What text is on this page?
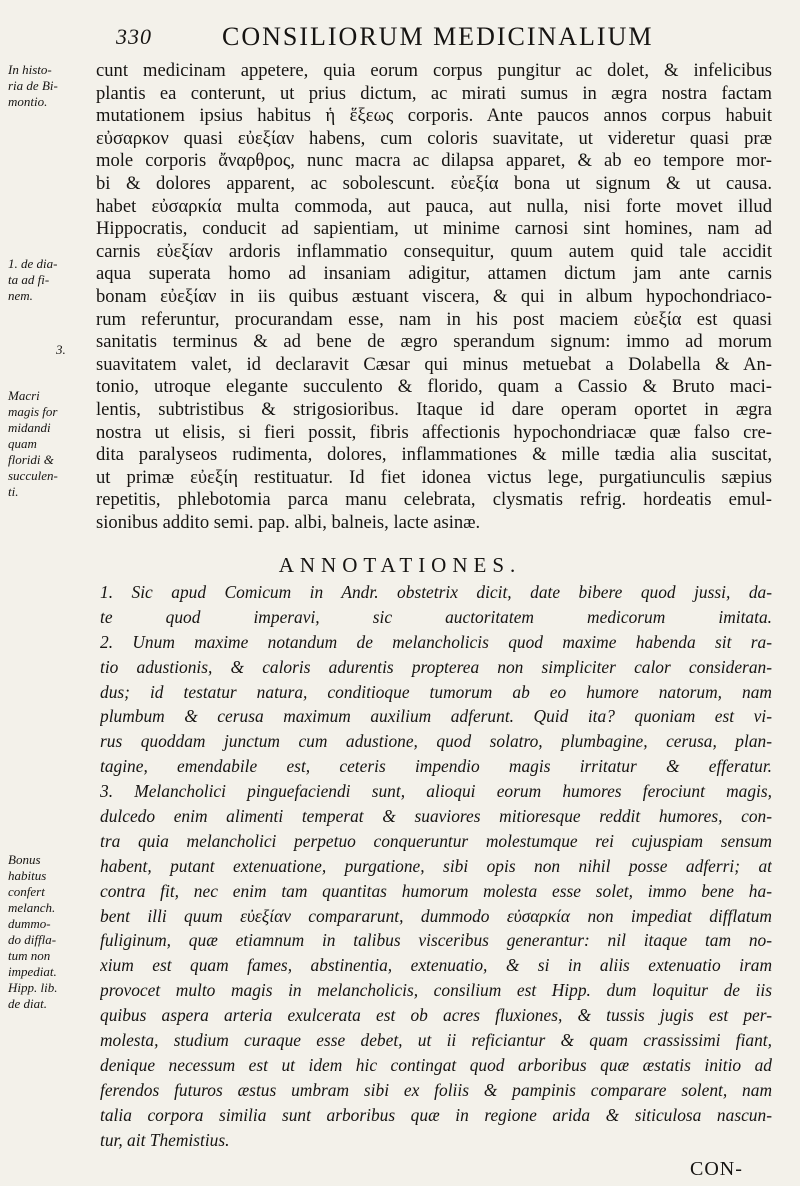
330	CONSILIORUM MEDICINALIUM
In histo-
ria de Bi-
montio.
1. de dia-
ta ad fi-
nem.
3.
Macri
magis for
midandi
quam
floridi &
succulen-
ti.
Bonus
habitus
confert
melanch.
dummo-
do diffla-
tum non
impediat.
Hipp. lib.
de diat.
cunt medicinam appetere, quia eorum corpus pungitur ac dolet, & infelicibus
plantis ea conterunt, ut prius dictum, ac mirati sumus in ægra nostra factam
mutationem ipsius habitus ἡ ἕξεως corporis. Ante paucos annos corpus habuit
εὐσαρκον quasi εὐεξίαν habens, cum coloris suavitate, ut videretur quasi præ
mole corporis ἄναρθρος, nunc macra ac dilapsa apparet, & ab eo tempore mor-
bi & dolores apparent, ac sobolescunt. εὐεξία bona ut signum & ut causa.
habet εὐσαρκία multa commoda, aut pauca, aut nulla, nisi forte movet illud
Hippocratis, conducit ad sapientiam, ut minime carnosi sint homines, nam ad
carnis εὐεξίαν ardoris inflammatio consequitur, quum autem quid tale accidit
aqua superata homo ad insaniam adigitur, attamen dictum jam ante carnis
bonam εὐεξίαν in iis quibus æstuant viscera, & qui in album hypochondriaco-
rum referuntur, procurandam esse, nam in his post maciem εὐεξία est quasi
sanitatis terminus & ad bene de ægro sperandum signum: immo ad morum
suavitatem valet, id declaravit Cæsar qui minus metuebat a Dolabella & An-
tonio, utroque elegante succulento & florido, quam a Cassio & Bruto maci-
lentis, subtristibus & strigosioribus. Itaque id dare operam oportet in ægra
nostra ut elisis, si fieri possit, fibris affectionis hypochondriacæ quæ falso cre-
dita paralyseos rudimenta, dolores, inflammationes & mille tædia alia suscitat,
ut primæ εὐεξίη restituatur. Id fiet idonea victus lege, purgatiunculis sæpius
repetitis, phlebotomia parca manu celebrata, clysmatis refrig. hordeatis emul-
sionibus addito semi. pap. albi, balneis, lacte asinæ.
ANNOTATIONES.
1. Sic apud Comicum in Andr. obstetrix dicit, date bibere quod jussi, da-
te quod imperavi, sic auctoritatem medicorum imitata.
2. Unum maxime notandum de melancholicis quod maxime habenda sit ra-
tio adustionis, & caloris adurentis propterea non simpliciter calor consideran-
dus; id testatur natura, conditioque tumorum ab eo humore natorum, nam
plumbum & cerusa maximum auxilium adferunt. Quid ita? quoniam est vi-
rus quoddam junctum cum adustione, quod solatro, plumbagine, cerusa, plan-
tagine, emendabile est, ceteris impendio magis irritatur & efferatur.
3. Melancholici pinguefaciendi sunt, alioqui eorum humores ferociunt magis,
dulcedo enim alimenti temperat & suaviores mitioresque reddit humores, con-
tra quia melancholici perpetuo conqueruntur molestumque rei cujuspiam sensum
habent, putant extenuatione, purgatione, sibi opis non nihil posse adferri; at
contra fit, nec enim tam quantitas humorum molesta esse solet, immo bene ha-
bent illi quum εὐεξίαν compararunt, dummodo εὐσαρκία non impediat difflatum
fuliginum, quæ etiamnum in talibus visceribus generantur: nil itaque tam no-
xium est quam fames, abstinentia, extenuatio, & si in aliis extenuatio iram
provocet multo magis in melancholicis, consilium est Hipp. dum loquitur de iis
quibus aspera arteria exulcerata est ob acres fluxiones, & tussis jugis est per-
molesta, studium curaque esse debet, ut ii reficiantur & quam crassissimi fiant,
denique necessum est ut idem hic contingat quod arboribus quæ æstatis initio ad
ferendos futuros æstus umbram sibi ex foliis & pampinis comparare solent, nam
talia corpora similia sunt arboribus quæ in regione arida & siticulosa nascun-
tur, ait Themistius.
CON-
